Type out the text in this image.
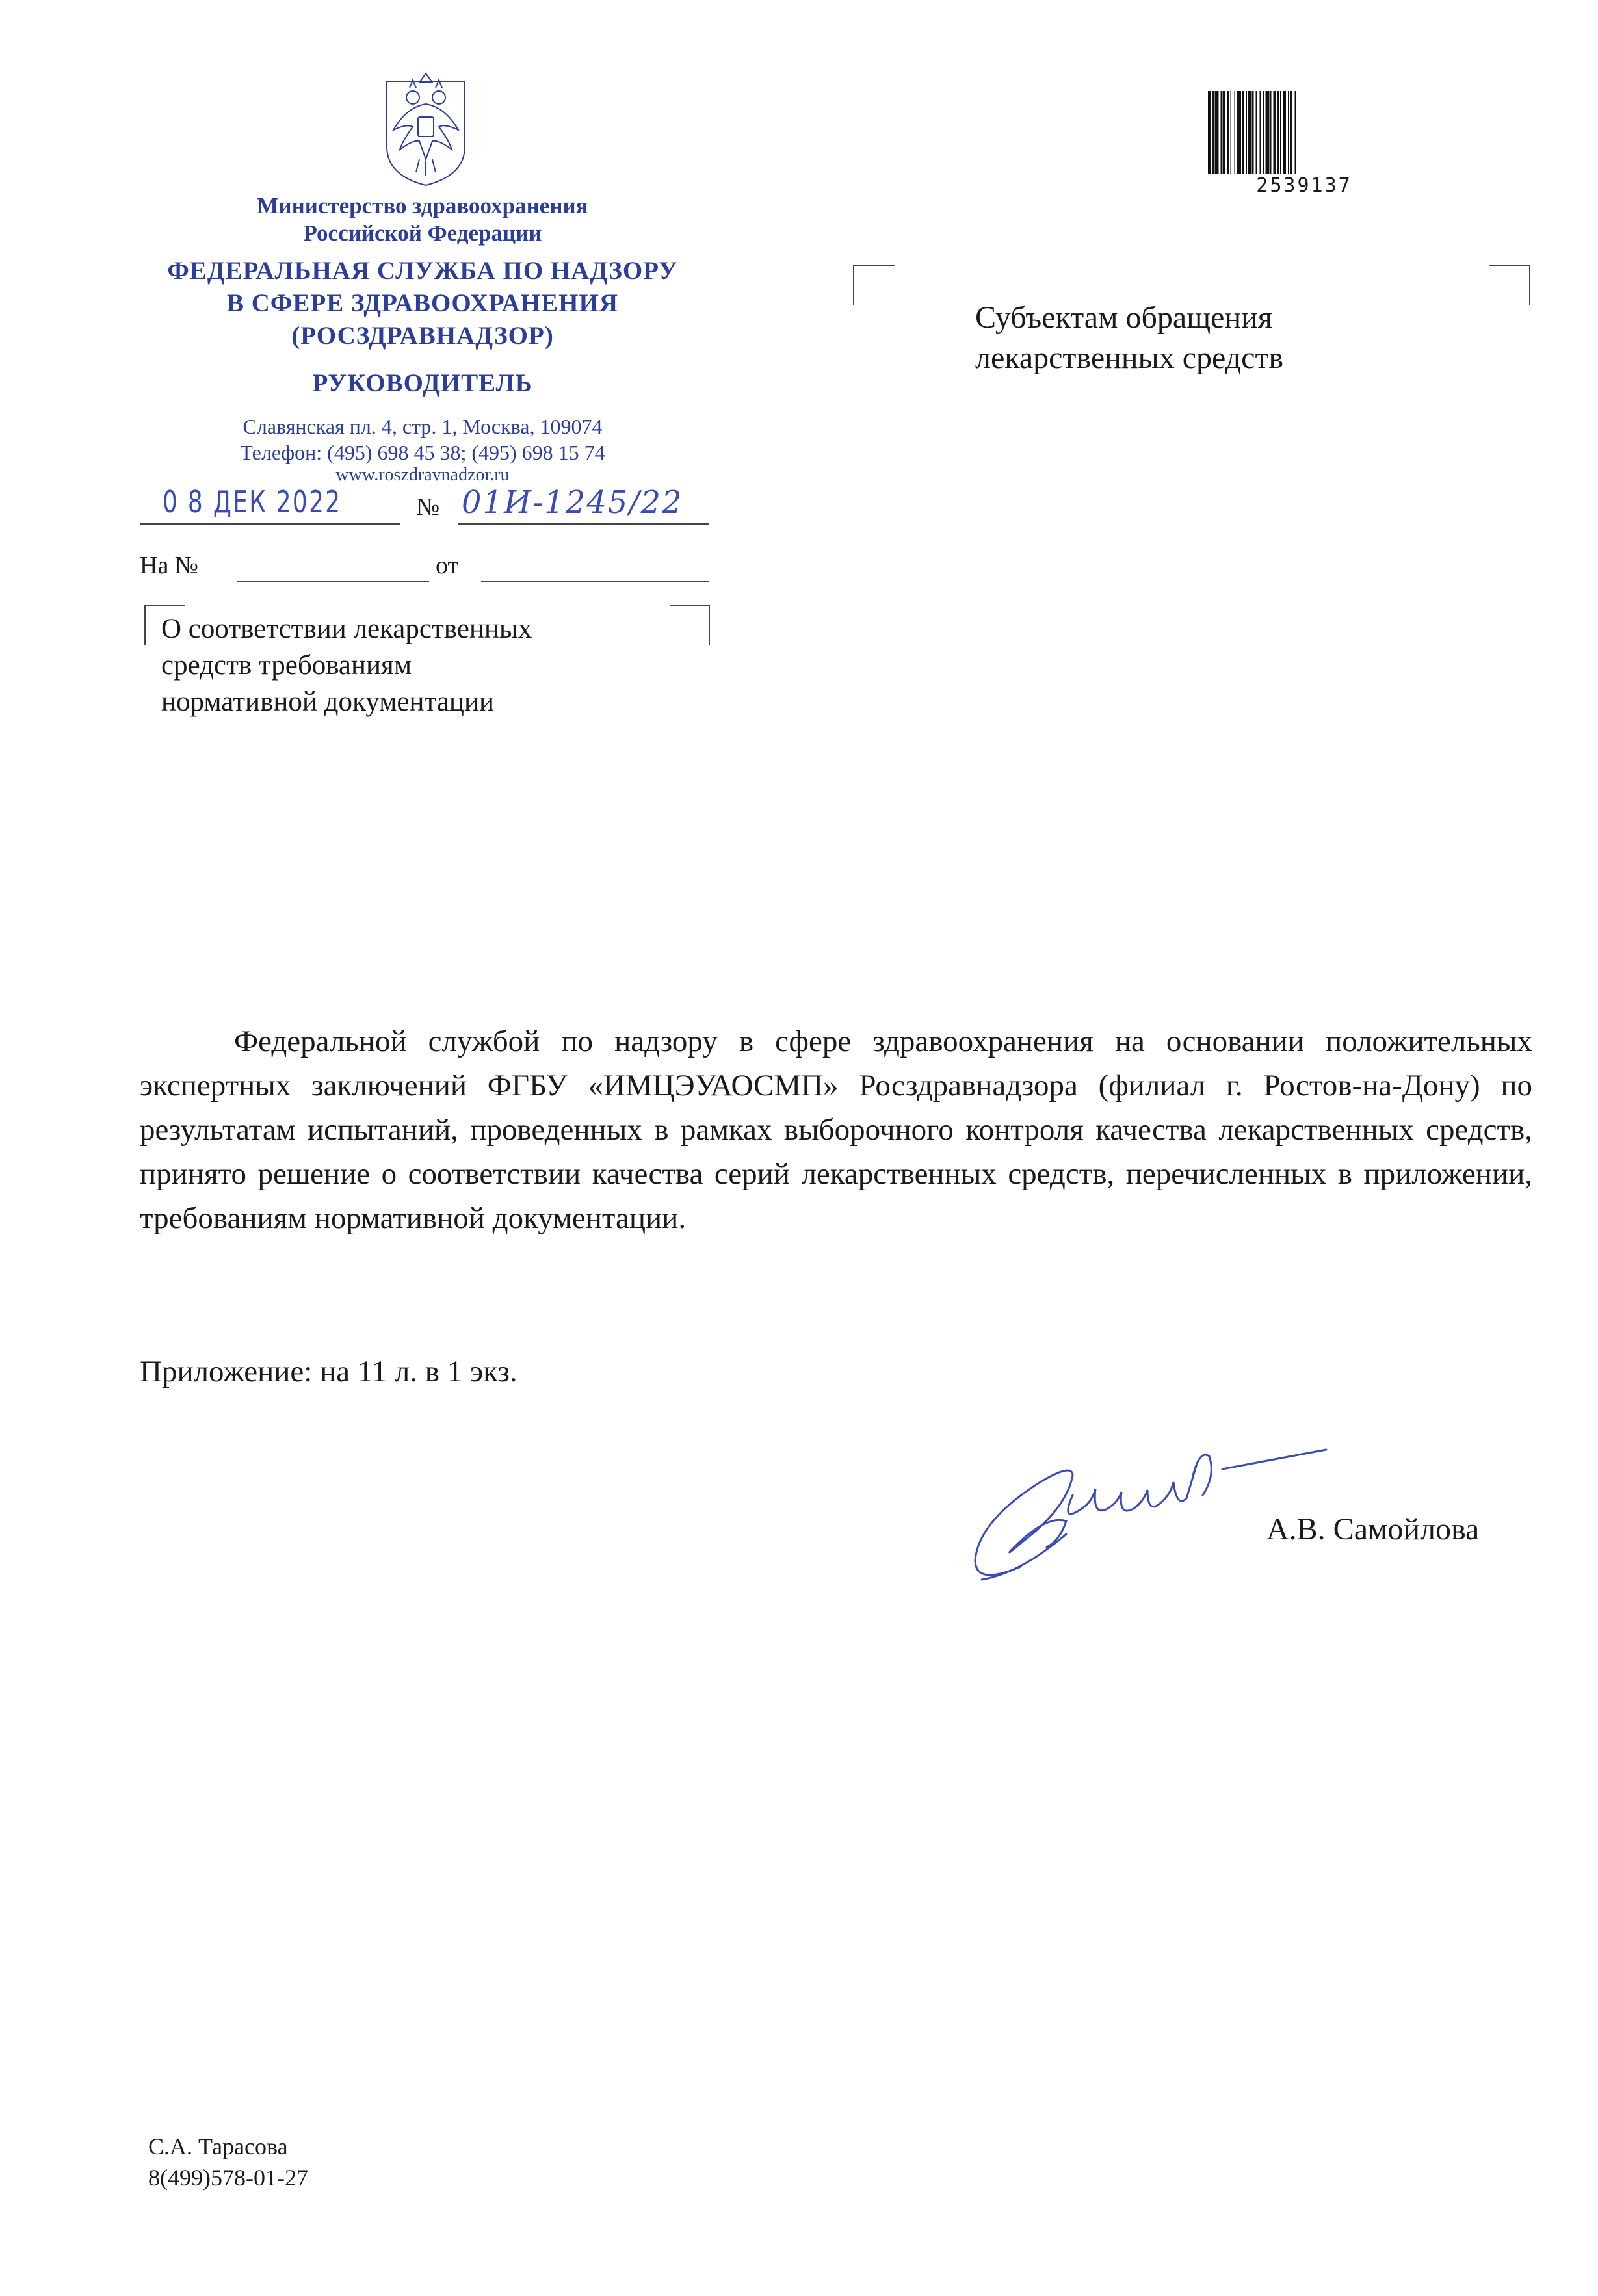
Министерство здравоохранения
Российской Федерации
ФЕДЕРАЛЬНАЯ СЛУЖБА ПО НАДЗОРУ
В СФЕРЕ ЗДРАВООХРАНЕНИЯ
(РОСЗДРАВНАДЗОР)
РУКОВОДИТЕЛЬ
Славянская пл. 4, стр. 1, Москва, 109074
Телефон: (495) 698 45 38; (495) 698 15 74
www.roszdravnadzor.ru
2539137
0 8 ДЕК 2022	№ 01И-1245/22
На №	от
О соответствии лекарственных
средств требованиям
нормативной документации
Субъектам обращения
лекарственных средств
Федеральной службой по надзору в сфере здравоохранения на основании положительных экспертных заключений ФГБУ «ИМЦЭУАОСМП» Росздравнадзора (филиал г. Ростов-на-Дону) по результатам испытаний, проведенных в рамках выборочного контроля качества лекарственных средств, принято решение о соответствии качества серий лекарственных средств, перечисленных в приложении, требованиям нормативной документации.
Приложение: на 11 л. в 1 экз.
А.В. Самойлова
С.А. Тарасова
8(499)578-01-27
